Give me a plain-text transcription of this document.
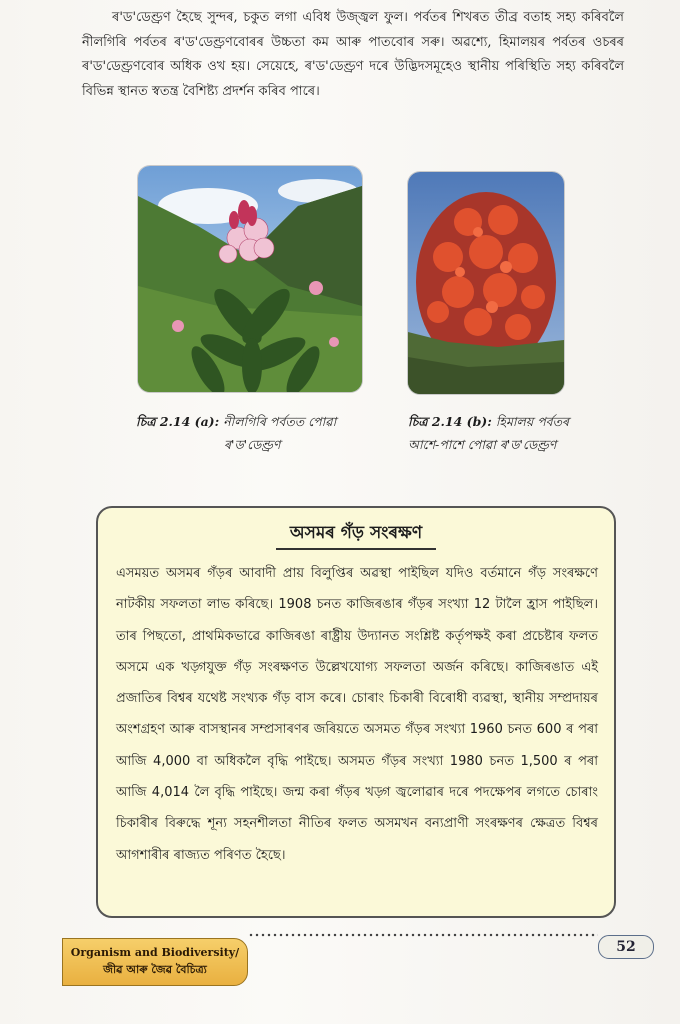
ৰ'ড'ডেণ্ড্ৰণ হৈছে সুন্দৰ, চকুত লগা এবিধ উজ্জ্বল ফুল। পৰ্বতৰ শিখৰত তীব্ৰ বতাহ সহ্য কৰিবলৈ নীলগিৰি পৰ্বতৰ ৰ'ড'ডেণ্ড্ৰণবোৰৰ উচ্চতা কম আৰু পাতবোৰ সৰু। অৱশ্যে, হিমালয়ৰ পৰ্বতৰ ওচৰৰ ৰ'ড'ডেণ্ড্ৰণবোৰ অধিক ওখ হয়। সেয়েহে, ৰ'ড'ডেণ্ড্ৰণ দৰে উদ্ভিদসমূহেও স্থানীয় পৰিস্থিতি সহ্য কৰিবলৈ বিভিন্ন স্থানত স্বতন্ত্ৰ বৈশিষ্ট্য প্ৰদৰ্শন কৰিব পাৰে।

চিত্ৰ 2.14 (a): নীলগিৰি পৰ্বতত পোৱা
ৰ'ড'ডেণ্ড্ৰণ
চিত্ৰ 2.14 (b): হিমালয় পৰ্বতৰ
আশে-পাশে পোৱা ৰ'ড'ডেণ্ড্ৰণ
অসমৰ গঁড় সংৰক্ষণ

এসময়ত অসমৰ গঁড়ৰ আবাদী প্ৰায় বিলুপ্তিৰ অৱস্থা পাইছিল যদিও বৰ্তমানে গঁড় সংৰক্ষণে নাটকীয় সফলতা লাভ কৰিছে। 1908 চনত কাজিৰঙাৰ গঁড়ৰ সংখ্যা 12 টালৈ হ্ৰাস পাইছিল। তাৰ পিছতো, প্ৰাথমিকভাৱে কাজিৰঙা ৰাষ্ট্ৰীয় উদ্যানত সংশ্লিষ্ট কৰ্তৃপক্ষই কৰা প্ৰচেষ্টাৰ ফলত অসমে এক খড়্গযুক্ত গঁড় সংৰক্ষণত উল্লেখযোগ্য সফলতা অৰ্জন কৰিছে। কাজিৰঙাত এই প্ৰজাতিৰ বিশ্বৰ যথেষ্ট সংখ্যক গঁড় বাস কৰে। চোৰাং চিকাৰী বিৰোধী ব্যৱস্থা, স্থানীয় সম্প্ৰদায়ৰ অংশগ্ৰহণ আৰু বাসস্থানৰ সম্প্ৰসাৰণৰ জৰিয়তে অসমত গঁড়ৰ সংখ্যা 1960 চনত 600 ৰ পৰা আজি 4,000 বা অধিকলৈ বৃদ্ধি পাইছে। অসমত গঁড়ৰ সংখ্যা 1980 চনত 1,500 ৰ পৰা আজি 4,014 লৈ বৃদ্ধি পাইছে। জন্ম কৰা গঁড়ৰ খড়্গ জ্বলোৱাৰ দৰে পদক্ষেপৰ লগতে চোৰাং চিকাৰীৰ বিৰুদ্ধে শূন্য সহনশীলতা নীতিৰ ফলত অসমখন বন্যপ্ৰাণী সংৰক্ষণৰ ক্ষেত্ৰত বিশ্বৰ আগশাৰীৰ ৰাজ্যত পৰিণত হৈছে।

Organism and Biodiversity/
জীৱ আৰু জৈৱ বৈচিত্ৰ্য
52
